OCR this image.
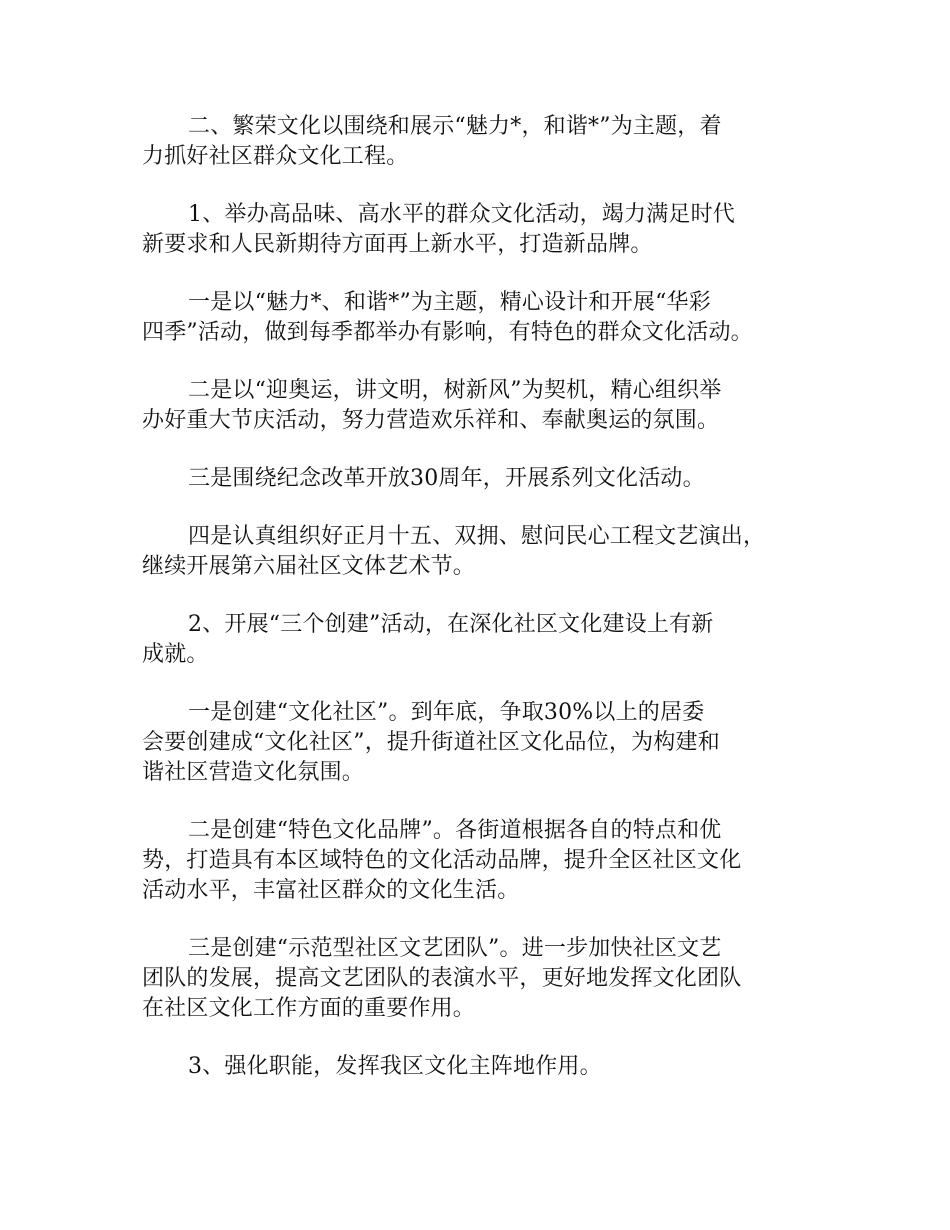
二、繁荣文化以围绕和展示“魅力*，和谐*”为主题，着
力抓好社区群众文化工程。

1、举办高品味、高水平的群众文化活动，竭力满足时代
新要求和人民新期待方面再上新水平，打造新品牌。

一是以“魅力*、和谐*”为主题，精心设计和开展“华彩
四季”活动，做到每季都举办有影响，有特色的群众文化活动。

二是以“迎奥运，讲文明，树新风”为契机，精心组织举
办好重大节庆活动，努力营造欢乐祥和、奉献奥运的氛围。

三是围绕纪念改革开放30周年，开展系列文化活动。

四是认真组织好正月十五、双拥、慰问民心工程文艺演出，
继续开展第六届社区文体艺术节。

2、开展“三个创建”活动，在深化社区文化建设上有新
成就。

一是创建“文化社区”。到年底，争取30%以上的居委
会要创建成“文化社区”，提升街道社区文化品位，为构建和
谐社区营造文化氛围。

二是创建“特色文化品牌”。各街道根据各自的特点和优
势，打造具有本区域特色的文化活动品牌，提升全区社区文化
活动水平，丰富社区群众的文化生活。

三是创建“示范型社区文艺团队”。进一步加快社区文艺
团队的发展，提高文艺团队的表演水平，更好地发挥文化团队
在社区文化工作方面的重要作用。

3、强化职能，发挥我区文化主阵地作用。
